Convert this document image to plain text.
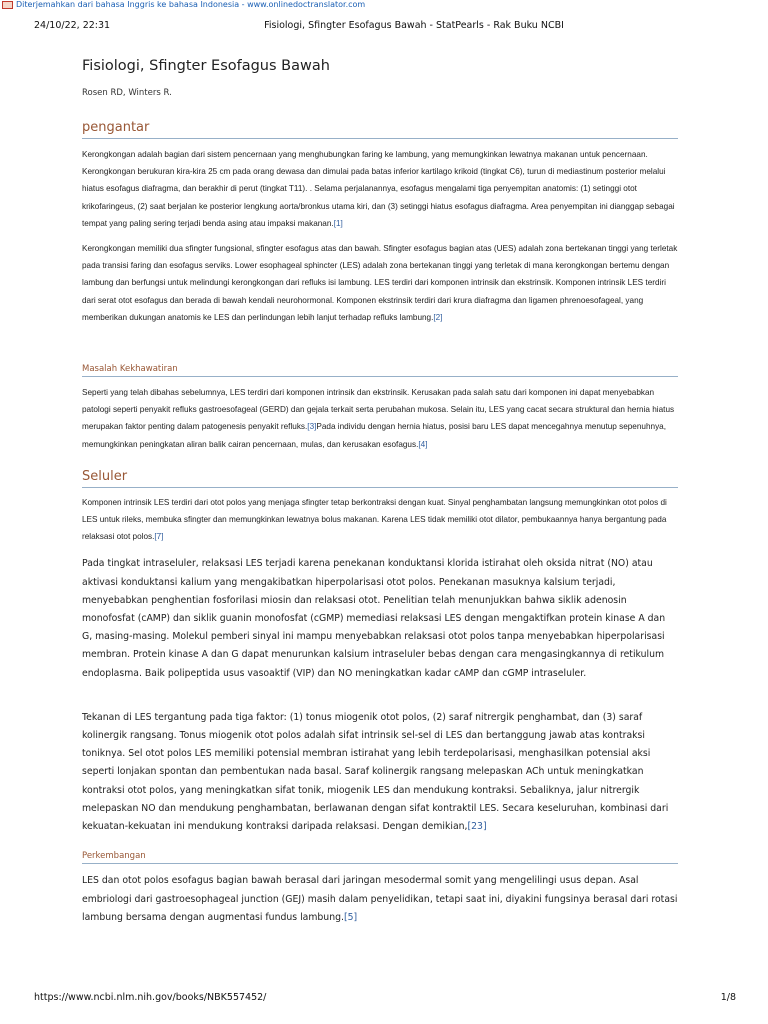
Diterjemahkan dari bahasa Inggris ke bahasa Indonesia - www.onlinedoctranslator.com
24/10/22, 22:31	Fisiologi, Sfingter Esofagus Bawah - StatPearls - Rak Buku NCBI
Fisiologi, Sfingter Esofagus Bawah
Rosen RD, Winters R.
pengantar

Kerongkongan adalah bagian dari sistem pencernaan yang menghubungkan faring ke lambung, yang memungkinkan lewatnya makanan untuk pencernaan. Kerongkongan berukuran kira-kira 25 cm pada orang dewasa dan dimulai pada batas inferior kartilago krikoid (tingkat C6), turun di mediastinum posterior melalui hiatus esofagus diafragma, dan berakhir di perut (tingkat T11). . Selama perjalanannya, esofagus mengalami tiga penyempitan anatomis: (1) setinggi otot krikofaringeus, (2) saat berjalan ke posterior lengkung aorta/bronkus utama kiri, dan (3) setinggi hiatus esofagus diafragma. Area penyempitan ini dianggap sebagai tempat yang paling sering terjadi benda asing atau impaksi makanan.[1]

Kerongkongan memiliki dua sfingter fungsional, sfingter esofagus atas dan bawah. Sfingter esofagus bagian atas (UES) adalah zona bertekanan tinggi yang terletak pada transisi faring dan esofagus serviks. Lower esophageal sphincter (LES) adalah zona bertekanan tinggi yang terletak di mana kerongkongan bertemu dengan lambung dan berfungsi untuk melindungi kerongkongan dari refluks isi lambung. LES terdiri dari komponen intrinsik dan ekstrinsik. Komponen intrinsik LES terdiri dari serat otot esofagus dan berada di bawah kendali neurohormonal. Komponen ekstrinsik terdiri dari krura diafragma dan ligamen phrenoesofageal, yang memberikan dukungan anatomis ke LES dan perlindungan lebih lanjut terhadap refluks lambung.[2]

Masalah Kekhawatiran

Seperti yang telah dibahas sebelumnya, LES terdiri dari komponen intrinsik dan ekstrinsik. Kerusakan pada salah satu dari komponen ini dapat menyebabkan patologi seperti penyakit refluks gastroesofageal (GERD) dan gejala terkait serta perubahan mukosa. Selain itu, LES yang cacat secara struktural dan hernia hiatus merupakan faktor penting dalam patogenesis penyakit refluks.[3]Pada individu dengan hernia hiatus, posisi baru LES dapat mencegahnya menutup sepenuhnya, memungkinkan peningkatan aliran balik cairan pencernaan, mulas, dan kerusakan esofagus.[4]

Seluler

Komponen intrinsik LES terdiri dari otot polos yang menjaga sfingter tetap berkontraksi dengan kuat. Sinyal penghambatan langsung memungkinkan otot polos di LES untuk rileks, membuka sfingter dan memungkinkan lewatnya bolus makanan. Karena LES tidak memiliki otot dilator, pembukaannya hanya bergantung pada relaksasi otot polos.[7]

Pada tingkat intraseluler, relaksasi LES terjadi karena penekanan konduktansi klorida istirahat oleh oksida nitrat (NO) atau aktivasi konduktansi kalium yang mengakibatkan hiperpolarisasi otot polos. Penekanan masuknya kalsium terjadi, menyebabkan penghentian fosforilasi miosin dan relaksasi otot. Penelitian telah menunjukkan bahwa siklik adenosin monofosfat (cAMP) dan siklik guanin monofosfat (cGMP) memediasi relaksasi LES dengan mengaktifkan protein kinase A dan G, masing-masing. Molekul pemberi sinyal ini mampu menyebabkan relaksasi otot polos tanpa menyebabkan hiperpolarisasi membran. Protein kinase A dan G dapat menurunkan kalsium intraseluler bebas dengan cara mengasingkannya di retikulum endoplasma. Baik polipeptida usus vasoaktif (VIP) dan NO meningkatkan kadar cAMP dan cGMP intraseluler.

Tekanan di LES tergantung pada tiga faktor: (1) tonus miogenik otot polos, (2) saraf nitrergik penghambat, dan (3) saraf kolinergik rangsang. Tonus miogenik otot polos adalah sifat intrinsik sel-sel di LES dan bertanggung jawab atas kontraksi toniknya. Sel otot polos LES memiliki potensial membran istirahat yang lebih terdepolarisasi, menghasilkan potensial aksi seperti lonjakan spontan dan pembentukan nada basal. Saraf kolinergik rangsang melepaskan ACh untuk meningkatkan kontraksi otot polos, yang meningkatkan sifat tonik, miogenik LES dan mendukung kontraksi. Sebaliknya, jalur nitrergik melepaskan NO dan mendukung penghambatan, berlawanan dengan sifat kontraktil LES. Secara keseluruhan, kombinasi dari kekuatan-kekuatan ini mendukung kontraksi daripada relaksasi. Dengan demikian,[23]

Perkembangan

LES dan otot polos esofagus bagian bawah berasal dari jaringan mesodermal somit yang mengelilingi usus depan. Asal embriologi dari gastroesophageal junction (GEJ) masih dalam penyelidikan, tetapi saat ini, diyakini fungsinya berasal dari rotasi lambung bersama dengan augmentasi fundus lambung.[5]

https://www.ncbi.nlm.nih.gov/books/NBK557452/	1/8
